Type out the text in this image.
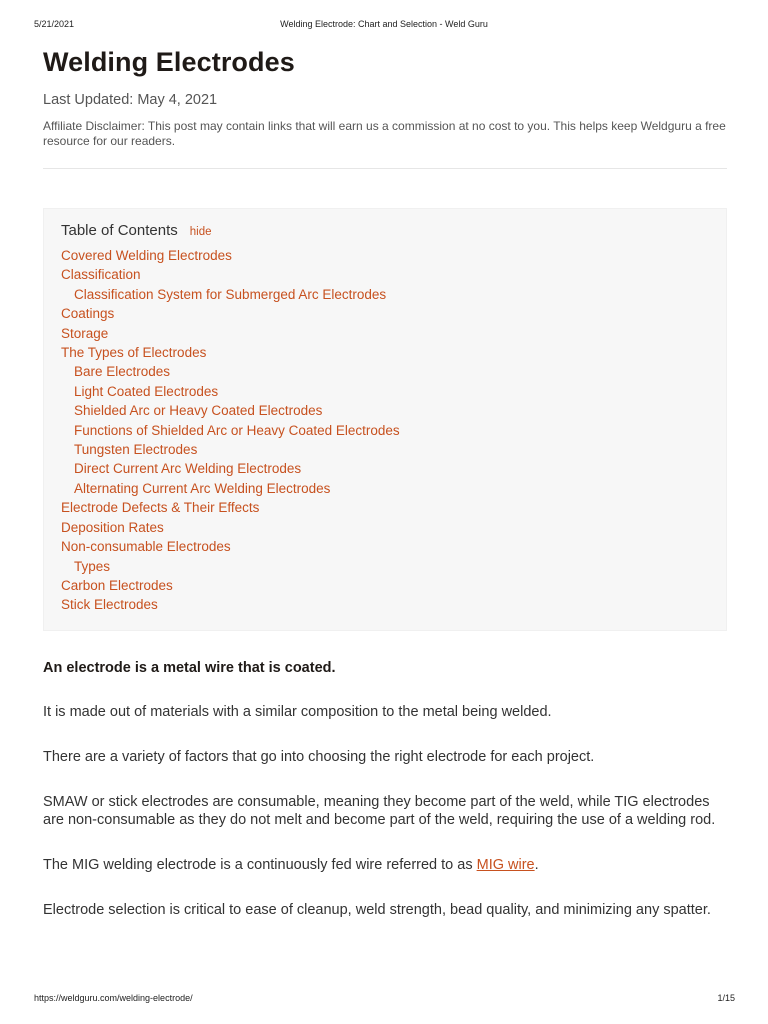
5/21/2021	Welding Electrode: Chart and Selection - Weld Guru
Welding Electrodes
Last Updated: May 4, 2021
Affiliate Disclaimer: This post may contain links that will earn us a commission at no cost to you. This helps keep Weldguru a free resource for our readers.
Table of Contents hide
Covered Welding Electrodes
Classification
Classification System for Submerged Arc Electrodes
Coatings
Storage
The Types of Electrodes
Bare Electrodes
Light Coated Electrodes
Shielded Arc or Heavy Coated Electrodes
Functions of Shielded Arc or Heavy Coated Electrodes
Tungsten Electrodes
Direct Current Arc Welding Electrodes
Alternating Current Arc Welding Electrodes
Electrode Defects & Their Effects
Deposition Rates
Non-consumable Electrodes
Types
Carbon Electrodes
Stick Electrodes

An electrode is a metal wire that is coated.

It is made out of materials with a similar composition to the metal being welded.

There are a variety of factors that go into choosing the right electrode for each project.

SMAW or stick electrodes are consumable, meaning they become part of the weld, while TIG electrodes are non-consumable as they do not melt and become part of the weld, requiring the use of a welding rod.

The MIG welding electrode is a continuously fed wire referred to as MIG wire.

Electrode selection is critical to ease of cleanup, weld strength, bead quality, and minimizing any spatter.

https://weldguru.com/welding-electrode/	1/15
